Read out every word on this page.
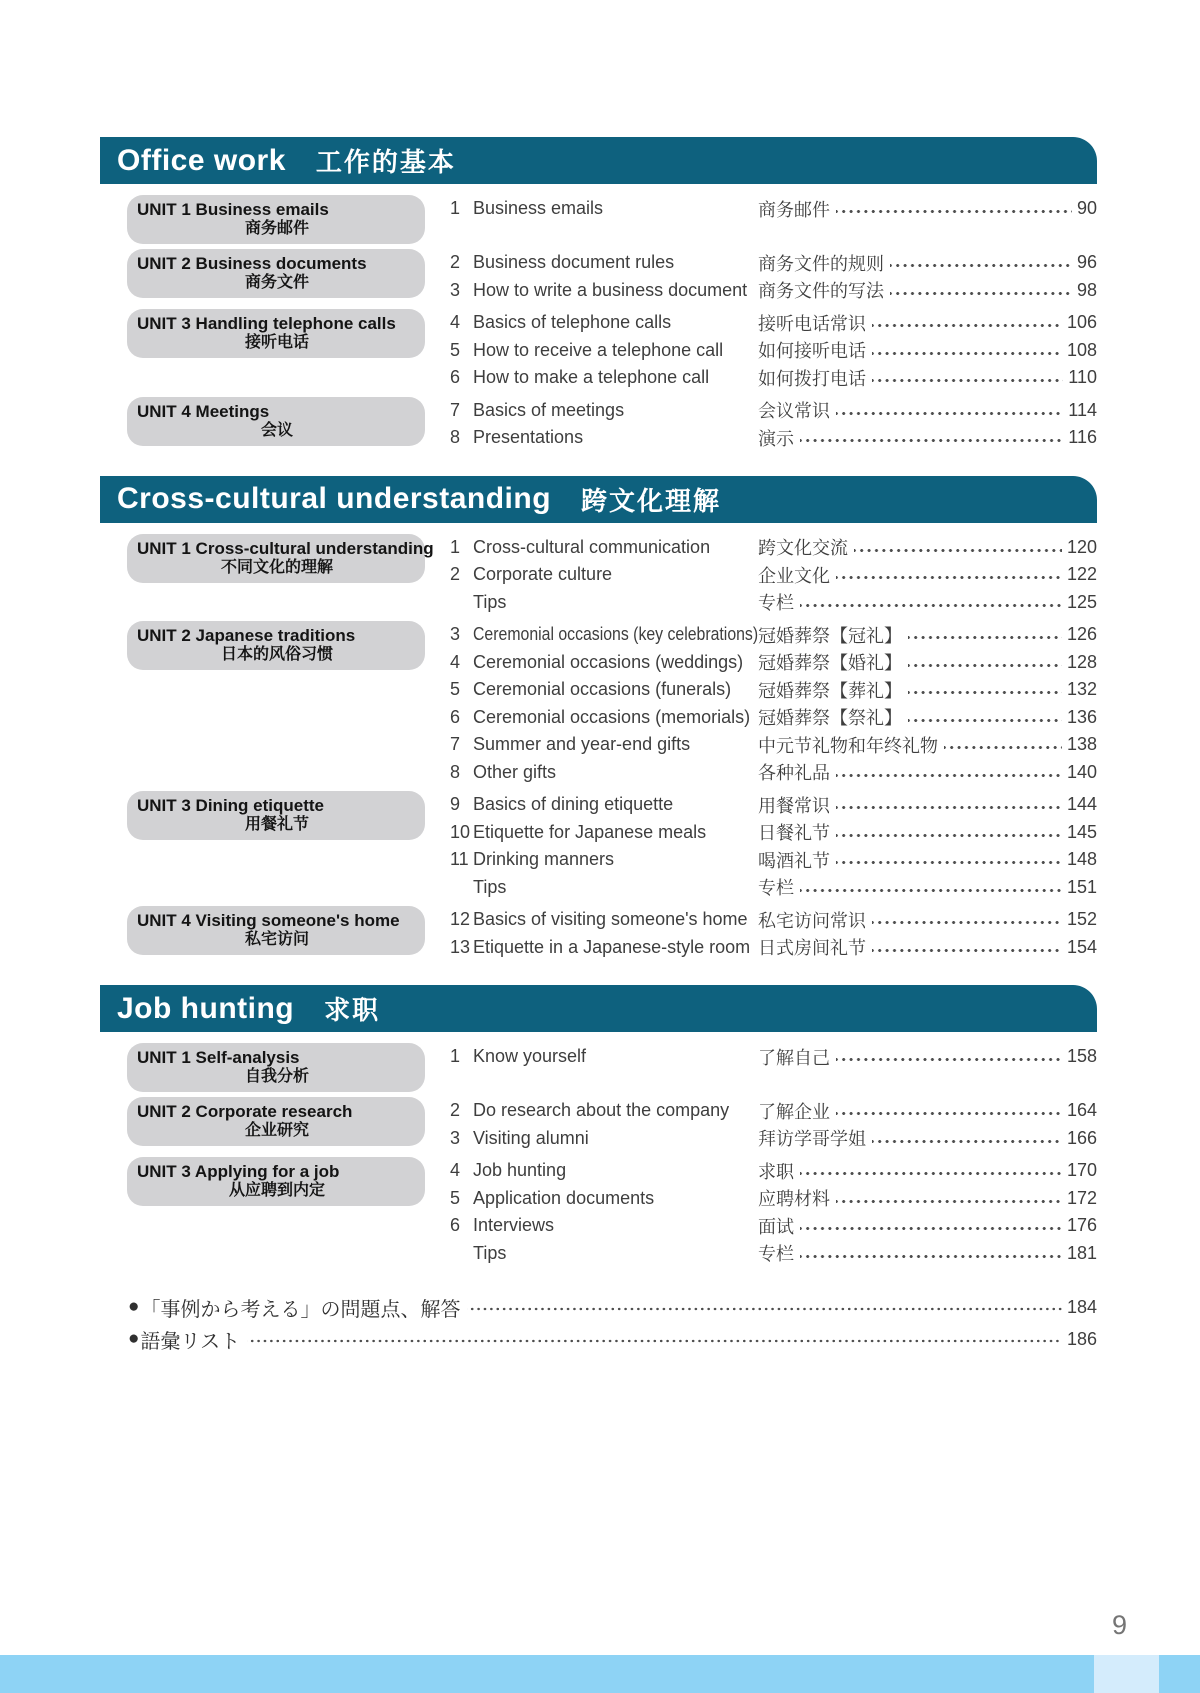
Office work 工作的基本
UNIT 1 Business emails
商务邮件
1 Business emails	商务邮件	90
UNIT 2 Business documents
商务文件
2 Business document rules	商务文件的规则	96
3 How to write a business document 商务文件的写法	98
UNIT 3 Handling telephone calls
接听电话
4 Basics of telephone calls	接听电话常识	106
5 How to receive a telephone call	如何接听电话	108
6 How to make a telephone call	如何拨打电话	110
UNIT 4 Meetings
会议
7 Basics of meetings	会议常识	114
8 Presentations	演示	116
Cross-cultural understanding 跨文化理解
UNIT 1 Cross-cultural understanding
不同文化的理解
1 Cross-cultural communication	跨文化交流	120
2 Corporate culture	企业文化	122
Tips	专栏	125
UNIT 2 Japanese traditions
日本的风俗习惯
3 Ceremonial occasions (key celebrations) 冠婚葬祭【冠礼】	126
4 Ceremonial occasions (weddings) 冠婚葬祭【婚礼】	128
5 Ceremonial occasions (funerals)	冠婚葬祭【葬礼】	132
6 Ceremonial occasions (memorials) 冠婚葬祭【祭礼】	136
7 Summer and year-end gifts	中元节礼物和年终礼物	138
8 Other gifts	各种礼品	140
UNIT 3 Dining etiquette
用餐礼节
9 Basics of dining etiquette	用餐常识	144
10 Etiquette for Japanese meals	日餐礼节	145
11 Drinking manners	喝酒礼节	148
Tips	专栏	151
UNIT 4 Visiting someone's home
私宅访问
12 Basics of visiting someone's home 私宅访问常识	152
13 Etiquette in a Japanese-style room 日式房间礼节	154
Job hunting 求职
UNIT 1 Self-analysis
自我分析
1 Know yourself	了解自己	158
UNIT 2 Corporate research
企业研究
2 Do research about the company	了解企业	164
3 Visiting alumni	拜访学哥学姐	166
UNIT 3 Applying for a job
从应聘到内定
4 Job hunting	求职	170
5 Application documents	应聘材料	172
6 Interviews	面试	176
Tips	专栏	181
● 「事例から考える」の問題点、解答	184
● 語彙リスト	186
9
